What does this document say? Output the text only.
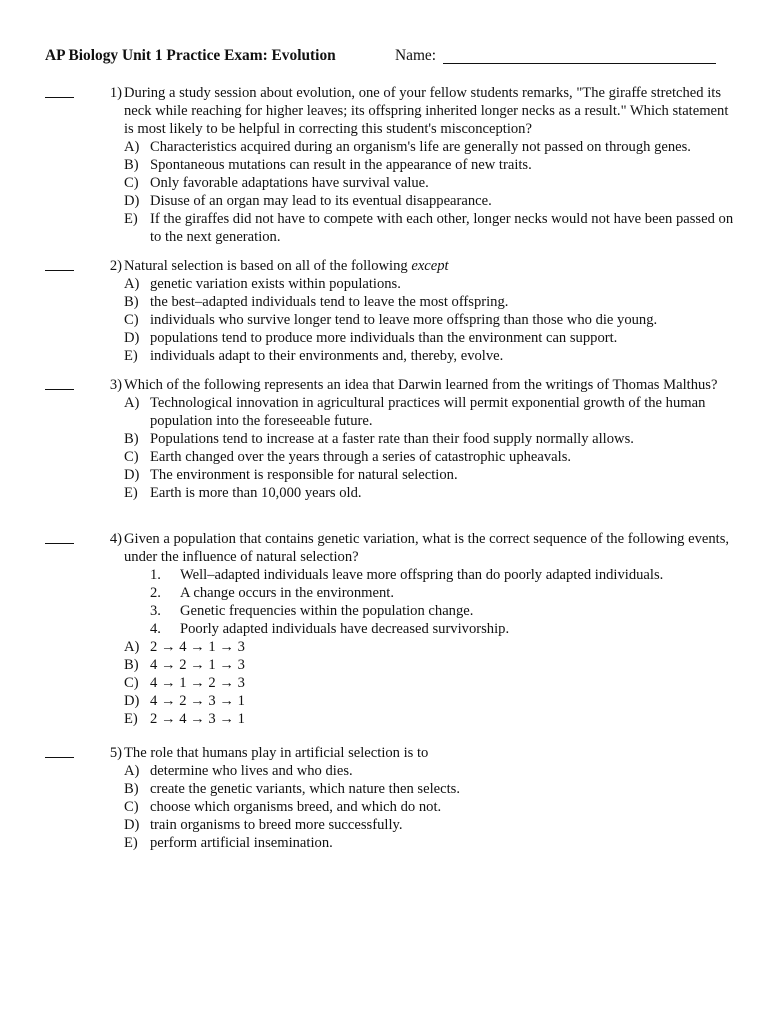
AP Biology Unit 1 Practice Exam: Evolution	Name:
1) During a study session about evolution, one of your fellow students remarks, "The giraffe stretched its neck while reaching for higher leaves; its offspring inherited longer necks as a result." Which statement is most likely to be helpful in correcting this student's misconception?
A) Characteristics acquired during an organism's life are generally not passed on through genes.
B) Spontaneous mutations can result in the appearance of new traits.
C) Only favorable adaptations have survival value.
D) Disuse of an organ may lead to its eventual disappearance.
E) If the giraffes did not have to compete with each other, longer necks would not have been passed on to the next generation.
2) Natural selection is based on all of the following except
A) genetic variation exists within populations.
B) the best–adapted individuals tend to leave the most offspring.
C) individuals who survive longer tend to leave more offspring than those who die young.
D) populations tend to produce more individuals than the environment can support.
E) individuals adapt to their environments and, thereby, evolve.
3) Which of the following represents an idea that Darwin learned from the writings of Thomas Malthus?
A) Technological innovation in agricultural practices will permit exponential growth of the human population into the foreseeable future.
B) Populations tend to increase at a faster rate than their food supply normally allows.
C) Earth changed over the years through a series of catastrophic upheavals.
D) The environment is responsible for natural selection.
E) Earth is more than 10,000 years old.
4) Given a population that contains genetic variation, what is the correct sequence of the following events, under the influence of natural selection?
1. Well–adapted individuals leave more offspring than do poorly adapted individuals.
2. A change occurs in the environment.
3. Genetic frequencies within the population change.
4. Poorly adapted individuals have decreased survivorship.
A) 2 → 4 → 1 → 3
B) 4 → 2 → 1 → 3
C) 4 → 1 → 2 → 3
D) 4 → 2 → 3 → 1
E) 2 → 4 → 3 → 1
5) The role that humans play in artificial selection is to
A) determine who lives and who dies.
B) create the genetic variants, which nature then selects.
C) choose which organisms breed, and which do not.
D) train organisms to breed more successfully.
E) perform artificial insemination.
